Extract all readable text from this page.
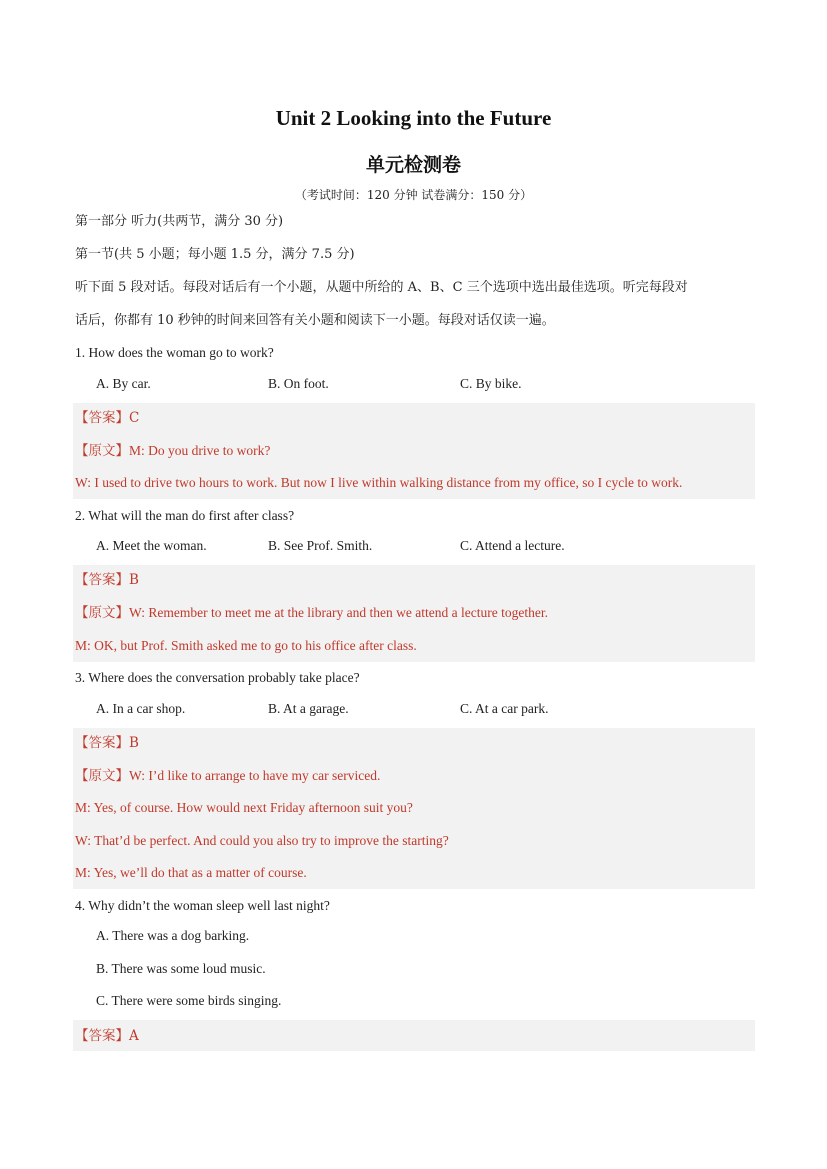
Unit 2 Looking into the Future
单元检测卷
（考试时间：120 分钟 试卷满分：150 分）
第一部分 听力(共两节，满分 30 分)
第一节(共 5 小题；每小题 1.5 分，满分 7.5 分)
听下面 5 段对话。每段对话后有一个小题，从题中所给的 A、B、C 三个选项中选出最佳选项。听完每段对
话后，你都有 10 秒钟的时间来回答有关小题和阅读下一小题。每段对话仅读一遍。
1. How does the woman go to work?
A. By car.	B. On foot.	C. By bike.
【答案】C
【原文】M: Do you drive to work?
W: I used to drive two hours to work. But now I live within walking distance from my office, so I cycle to work.
2. What will the man do first after class?
A. Meet the woman.	B. See Prof. Smith.	C. Attend a lecture.
【答案】B
【原文】W: Remember to meet me at the library and then we attend a lecture together.
M: OK, but Prof. Smith asked me to go to his office after class.
3. Where does the conversation probably take place?
A. In a car shop.	B. At a garage.	C. At a car park.
【答案】B
【原文】W: I’d like to arrange to have my car serviced.
M: Yes, of course. How would next Friday afternoon suit you?
W: That’d be perfect. And could you also try to improve the starting?
M: Yes, we’ll do that as a matter of course.
4. Why didn’t the woman sleep well last night?
A. There was a dog barking.
B. There was some loud music.
C. There were some birds singing.
【答案】A
